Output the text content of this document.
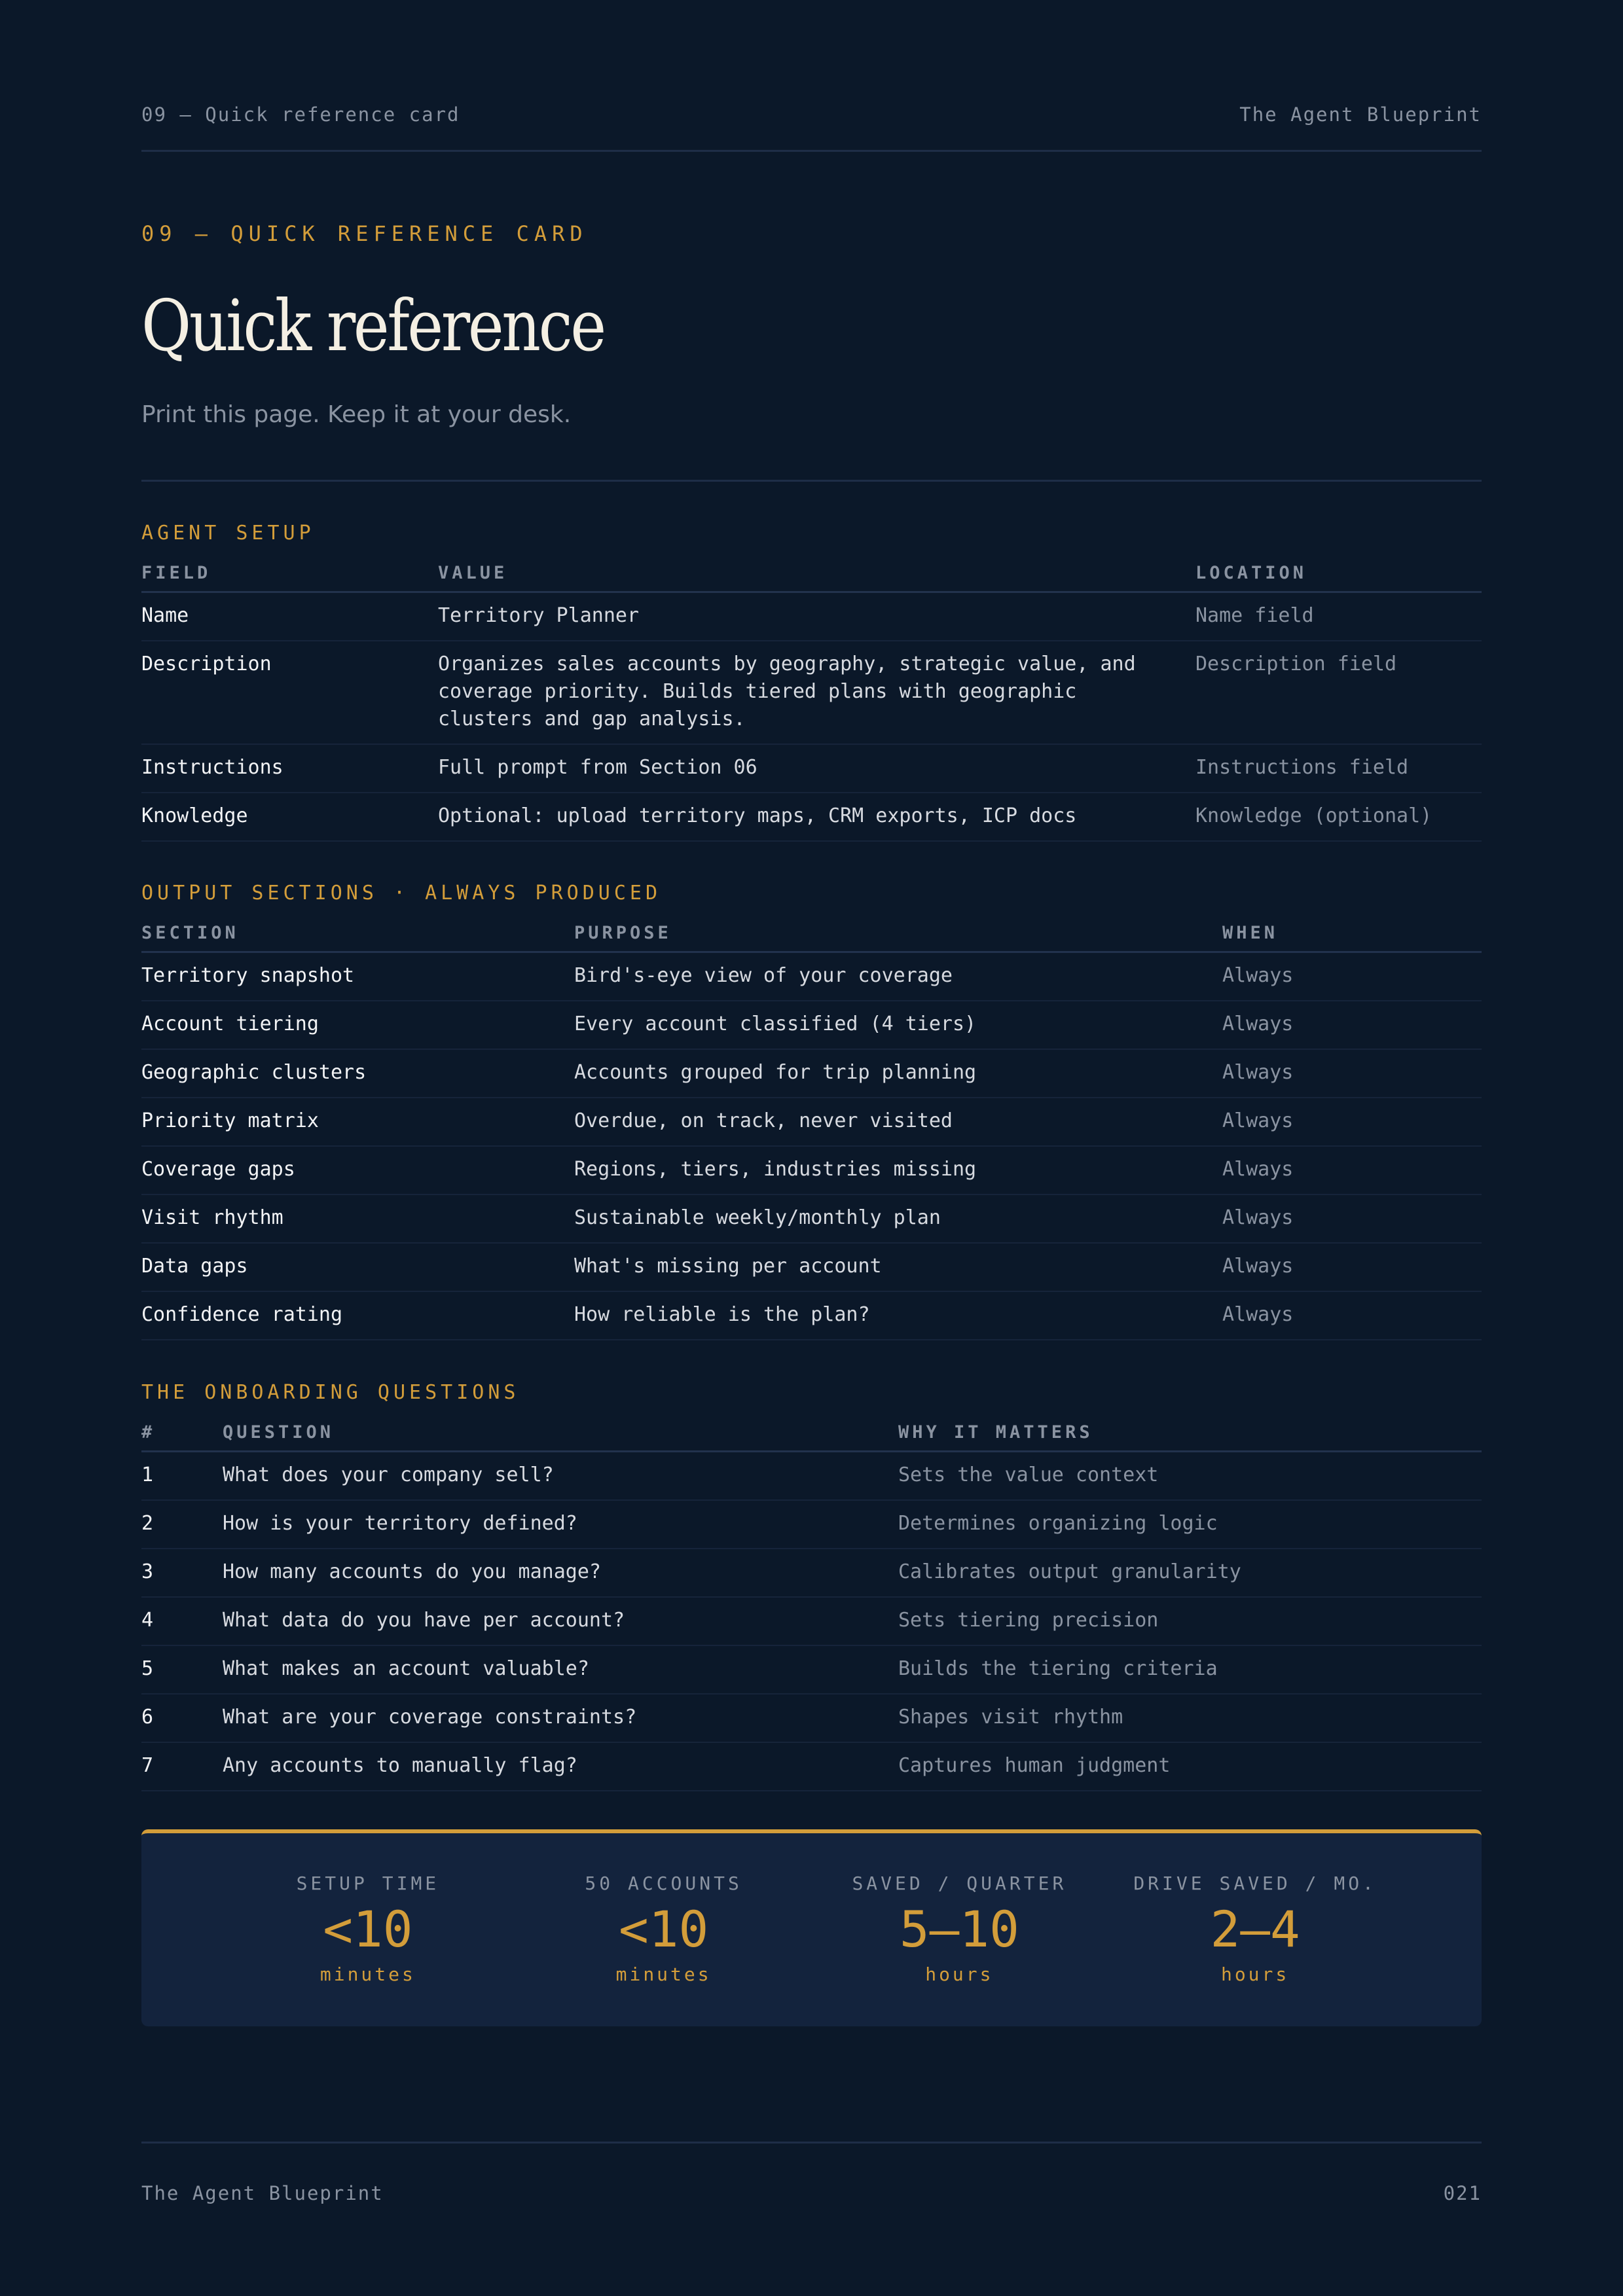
09 — Quick reference card	The Agent Blueprint
09 — QUICK REFERENCE CARD
Quick reference
Print this page. Keep it at your desk.
AGENT SETUP
FIELD	VALUE	LOCATION
Name	Territory Planner	Name field
Description	Organizes sales accounts by geography, strategic value, and coverage priority. Builds tiered plans with geographic clusters and gap analysis.	Description field
Instructions	Full prompt from Section 06	Instructions field
Knowledge	Optional: upload territory maps, CRM exports, ICP docs	Knowledge (optional)
OUTPUT SECTIONS · ALWAYS PRODUCED
SECTION	PURPOSE	WHEN
Territory snapshot	Bird's-eye view of your coverage	Always
Account tiering	Every account classified (4 tiers)	Always
Geographic clusters	Accounts grouped for trip planning	Always
Priority matrix	Overdue, on track, never visited	Always
Coverage gaps	Regions, tiers, industries missing	Always
Visit rhythm	Sustainable weekly/monthly plan	Always
Data gaps	What's missing per account	Always
Confidence rating	How reliable is the plan?	Always
THE ONBOARDING QUESTIONS
#	QUESTION	WHY IT MATTERS
1	What does your company sell?	Sets the value context
2	How is your territory defined?	Determines organizing logic
3	How many accounts do you manage?	Calibrates output granularity
4	What data do you have per account?	Sets tiering precision
5	What makes an account valuable?	Builds the tiering criteria
6	What are your coverage constraints?	Shapes visit rhythm
7	Any accounts to manually flag?	Captures human judgment
SETUP TIME
<10
minutes
50 ACCOUNTS
<10
minutes
SAVED / QUARTER
5–10
hours
DRIVE SAVED / MO.
2–4
hours
The Agent Blueprint	021
